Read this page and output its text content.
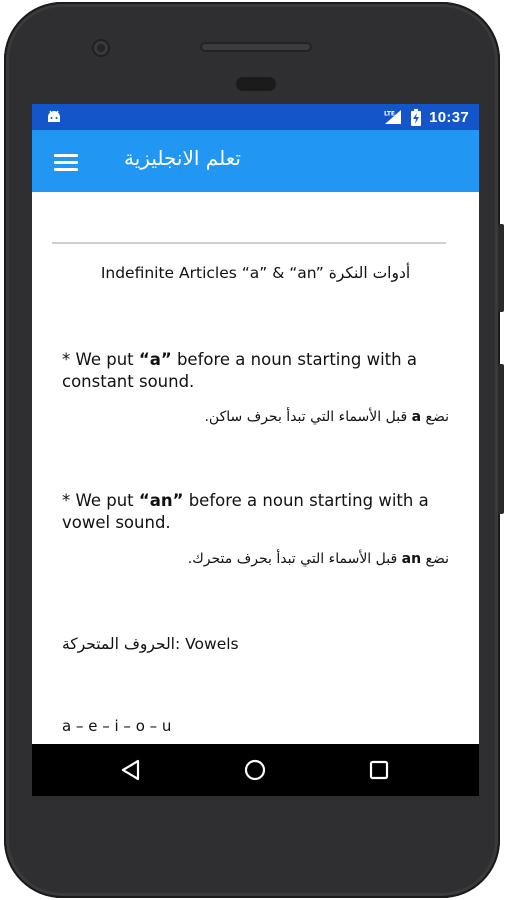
LTE 10:37
تعلم الانجليزية
Indefinite Articles “a” & “an” أدوات النكرة
* We put “a” before a noun starting with a constant sound.
نضع a قبل الأسماء التي تبدأ بحرف ساكن.
* We put “an” before a noun starting with a vowel sound.
نضع an قبل الأسماء التي تبدأ بحرف متحرك.
الحروف المتحركة: Vowels
a – e – i – o – u
